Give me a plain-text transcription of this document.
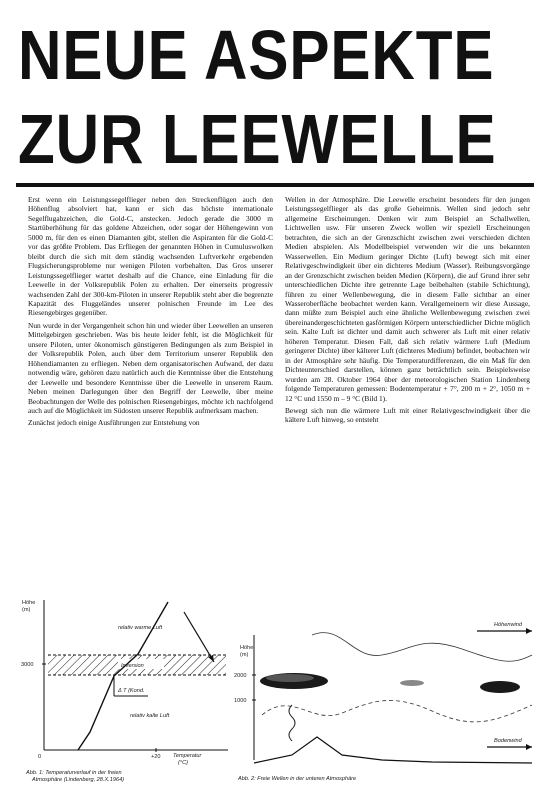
NEUE ASPEKTE
ZUR LEEWELLE

Erst wenn ein Leistungssegelflieger neben den Streckenflügen auch den Höhenflug absolviert hat, kann er sich das höchste internationale Segelflugabzeichen, die Gold-C, anstecken. Jedoch gerade die 3000 m Startüberhöhung für das goldene Abzeichen, oder sogar der Höhengewinn von 5000 m, für den es einen Diamanten gibt, stellen die Aspiranten für die Gold-C vor das größte Problem. Das Erfliegen der genannten Höhen in Cumuluswolken bleibt durch die sich mit dem ständig wachsenden Luftverkehr ergebenden Flugsicherungsprobleme nur wenigen Piloten vorbehalten. Das Gros unserer Leistungssegelflieger wartet deshalb auf die Chance, eine Einladung für die Leewelle in der Volksrepublik Polen zu erhalten. Der einerseits progressiv wachsenden Zahl der 300-km-Piloten in unserer Republik steht aber die begrenzte Kapazität des Fluggeländes unserer polnischen Freunde im Lee des Riesengebirges gegenüber.

Nun wurde in der Vergangenheit schon hin und wieder über Leewellen an unseren Mittelgebirgen geschrieben. Was bis heute leider fehlt, ist die Möglichkeit für unsere Piloten, unter ökonomisch günstigeren Bedingungen als zum Beispiel in der Volksrepublik Polen, auch über dem Territorium unserer Republik den Höhendiamanten zu erfliegen. Neben dem organisatorischen Aufwand, der dazu notwendig wäre, gehören dazu natürlich auch die Kenntnisse über die Entstehung der Leewelle und besondere Kenntnisse über die Leewelle in unserem Raum. Neben meinen Darlegungen über den Begriff der Leewelle, über meine Beobachtungen der Welle des polnischen Riesengebirges, möchte ich nachfolgend auch auf die Möglichkeit im Südosten unserer Republik aufmerksam machen.

Zunächst jedoch einige Ausführungen zur Entstehung von

Wellen in der Atmosphäre. Die Leewelle erscheint besonders für den jungen Leistungssegelflieger als das große Geheimnis. Wellen sind jedoch sehr allgemeine Erscheinungen. Denken wir zum Beispiel an Schallwellen, Lichtwellen usw. Für unseren Zweck wollen wir speziell Erscheinungen betrachten, die sich an der Grenzschicht zwischen zwei verschieden dichten Medien abspielen. Als Modellbeispiel verwenden wir die uns bekannten Wasserwellen. Ein Medium geringer Dichte (Luft) bewegt sich mit einer Relativgeschwindigkeit über ein dichteres Medium (Wasser). Reibungsvorgänge an der Grenzschicht zwischen beiden Medien (Körpern), die auf Grund ihrer sehr unterschiedlichen Dichte ihre getrennte Lage beibehalten (stabile Schichtung), führen zu einer Wellenbewegung, die in diesem Falle sichtbar an einer Wasseroberfläche beobachtet werden kann. Verallgemeinern wir diese Aussage, dann müßte zum Beispiel auch eine ähnliche Wellenbewegung zwischen zwei übereinandergeschichteten gasförmigen Körpern unterschiedlicher Dichte möglich sein. Kalte Luft ist dichter und damit auch schwerer als Luft mit einer relativ höheren Temperatur. Diesen Fall, daß sich relativ wärmere Luft (Medium geringerer Dichte) über kälterer Luft (dichteres Medium) befindet, beobachten wir in der Atmosphäre sehr häufig. Die Temperaturdifferenzen, die ein Maß für den Dichteunterschied darstellen, können ganz beträchtlich sein. Beispielsweise wurden am 28. Oktober 1964 über der meteorologischen Station Lindenberg folgende Temperaturen gemessen: Bodentemperatur + 7°, 200 m + 2°, 1050 m + 12 °C und 1550 m – 9 °C (Bild 1).

Bewegt sich nun die wärmere Luft mit einer Relativgeschwindigkeit über die kältere Luft hinweg, so entsteht

Höhe
(m)
3000	Inversion
relativ warme Luft
Δ T (Kond.
relativ kalte Luft
0	+20 Temperatur
(°C)
Abb. 1: Temperaturverlauf in der freien
Atmosphäre (Lindenberg, 28.X.1964)
Höhe
(m)
2000
1000
Höhenwind
Bodenwind
Abb. 2: Freie Wellen in der unteren Atmosphäre
